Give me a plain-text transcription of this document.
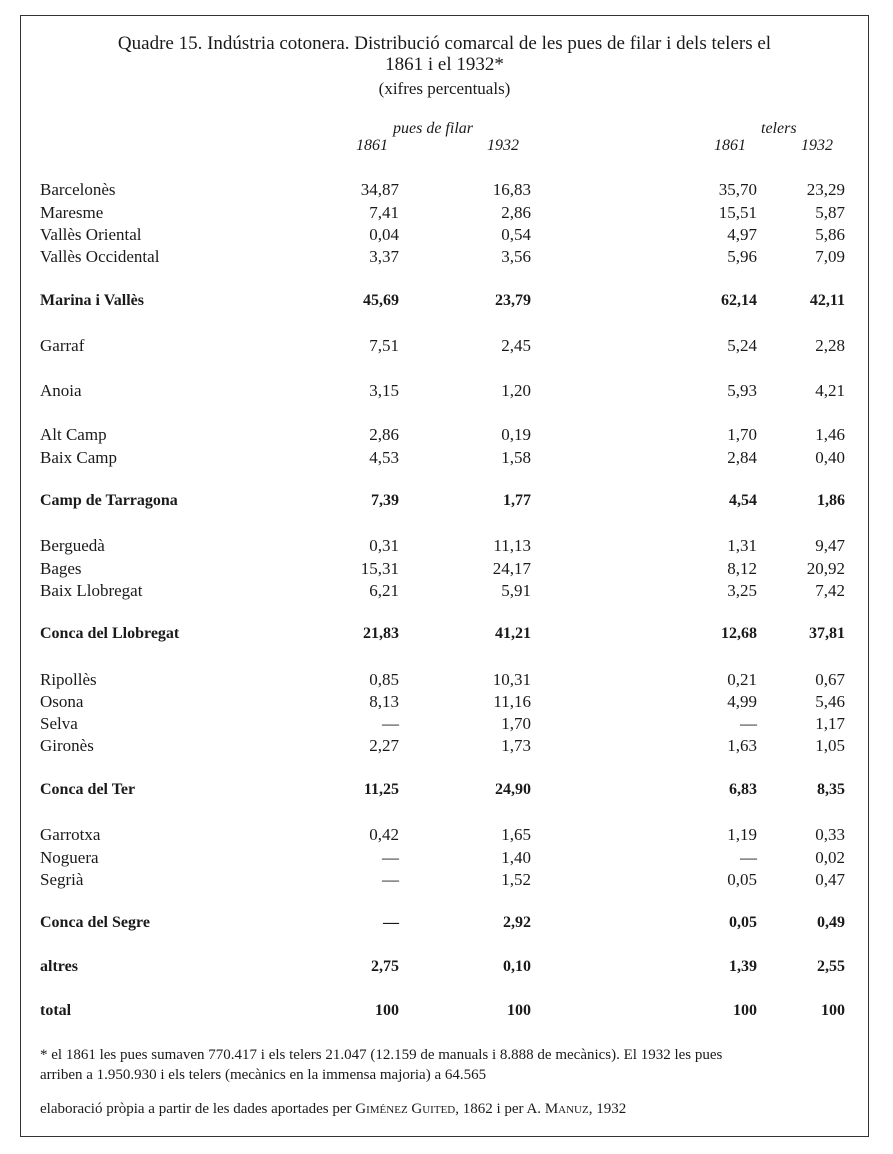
Quadre 15. Indústria cotonera. Distribució comarcal de les pues de filar i dels telers el
1861 i el 1932*
(xifres percentuals)
pues de filar	telers
1861	1932	1861	1932
Barcelonès	34,87	16,83	35,70	23,29
Maresme	7,41	2,86	15,51	5,87
Vallès Oriental	0,04	0,54	4,97	5,86
Vallès Occidental	3,37	3,56	5,96	7,09
Marina i Vallès	45,69	23,79	62,14	42,11
Garraf	7,51	2,45	5,24	2,28
Anoia	3,15	1,20	5,93	4,21
Alt Camp	2,86	0,19	1,70	1,46
Baix Camp	4,53	1,58	2,84	0,40
Camp de Tarragona	7,39	1,77	4,54	1,86
Berguedà	0,31	11,13	1,31	9,47
Bages	15,31	24,17	8,12	20,92
Baix Llobregat	6,21	5,91	3,25	7,42
Conca del Llobregat	21,83	41,21	12,68	37,81
Ripollès	0,85	10,31	0,21	0,67
Osona	8,13	11,16	4,99	5,46
Selva	—	1,70	—	1,17
Gironès	2,27	1,73	1,63	1,05
Conca del Ter	11,25	24,90	6,83	8,35
Garrotxa	0,42	1,65	1,19	0,33
Noguera	—	1,40	—	0,02
Segrià	—	1,52	0,05	0,47
Conca del Segre	—	2,92	0,05	0,49
altres	2,75	0,10	1,39	2,55
total	100	100	100	100
* el 1861 les pues sumaven 770.417 i els telers 21.047 (12.159 de manuals i 8.888 de mecànics). El 1932 les pues
arriben a 1.950.930 i els telers (mecànics en la immensa majoria) a 64.565
elaboració pròpia a partir de les dades aportades per Giménez Guited, 1862 i per A. Manuz, 1932
